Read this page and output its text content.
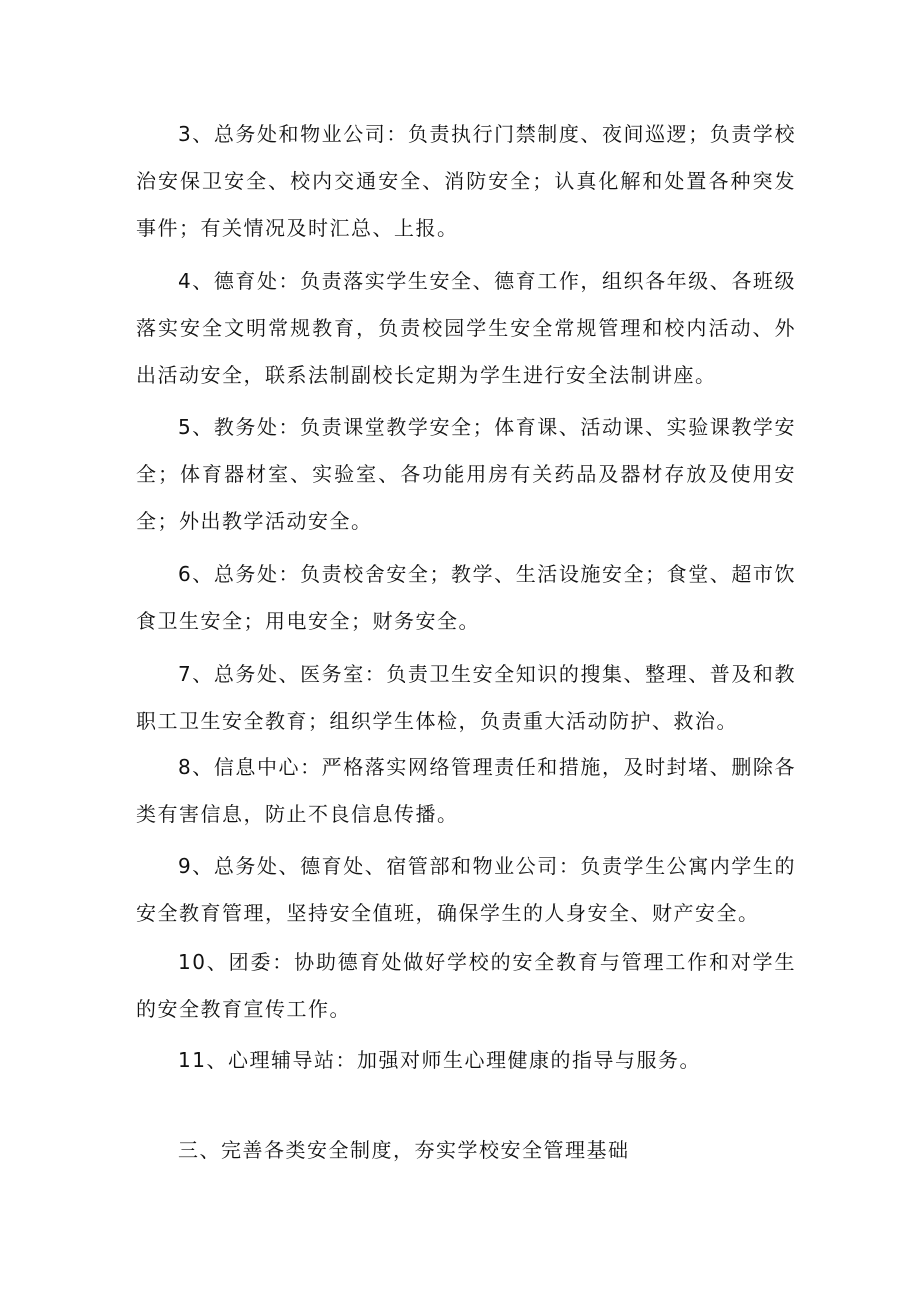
3、总务处和物业公司：负责执行门禁制度、夜间巡逻；负责学校治安保卫安全、校内交通安全、消防安全；认真化解和处置各种突发事件；有关情况及时汇总、上报。

4、德育处：负责落实学生安全、德育工作，组织各年级、各班级落实安全文明常规教育，负责校园学生安全常规管理和校内活动、外出活动安全，联系法制副校长定期为学生进行安全法制讲座。

5、教务处：负责课堂教学安全；体育课、活动课、实验课教学安全；体育器材室、实验室、各功能用房有关药品及器材存放及使用安全；外出教学活动安全。

6、总务处：负责校舍安全；教学、生活设施安全；食堂、超市饮食卫生安全；用电安全；财务安全。

7、总务处、医务室：负责卫生安全知识的搜集、整理、普及和教职工卫生安全教育；组织学生体检，负责重大活动防护、救治。

8、信息中心：严格落实网络管理责任和措施，及时封堵、删除各类有害信息，防止不良信息传播。

9、总务处、德育处、宿管部和物业公司：负责学生公寓内学生的安全教育管理，坚持安全值班，确保学生的人身安全、财产安全。

10、团委：协助德育处做好学校的安全教育与管理工作和对学生的安全教育宣传工作。

11、心理辅导站：加强对师生心理健康的指导与服务。

三、完善各类安全制度，夯实学校安全管理基础
